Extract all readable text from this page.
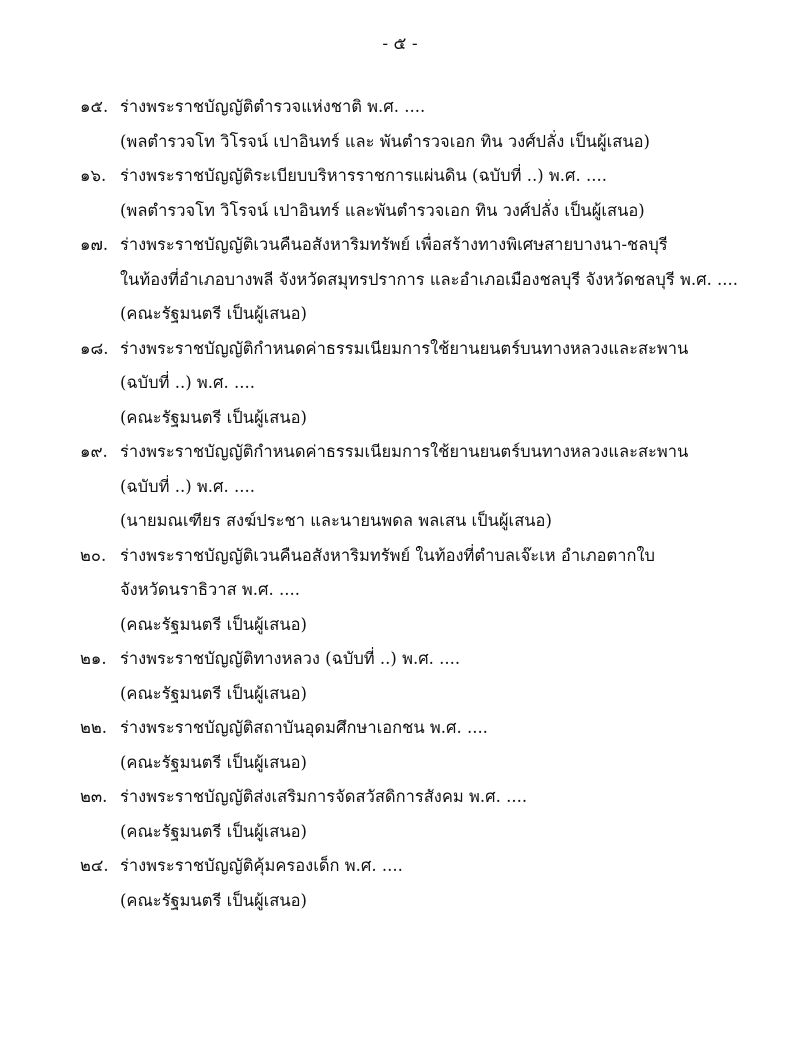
- ๕ -
๑๕. ร่างพระราชบัญญัติตำรวจแห่งชาติ พ.ศ. ....
(พลตำรวจโท วิโรจน์ เปาอินทร์ และ พันตำรวจเอก ทิน วงศ์ปลั่ง เป็นผู้เสนอ)
๑๖. ร่างพระราชบัญญัติระเบียบบริหารราชการแผ่นดิน (ฉบับที่ ..) พ.ศ. ....
(พลตำรวจโท วิโรจน์ เปาอินทร์ และพันตำรวจเอก ทิน วงศ์ปลั่ง เป็นผู้เสนอ)
๑๗. ร่างพระราชบัญญัติเวนคืนอสังหาริมทรัพย์ เพื่อสร้างทางพิเศษสายบางนา-ชลบุรี
ในท้องที่อำเภอบางพลี จังหวัดสมุทรปราการ และอำเภอเมืองชลบุรี จังหวัดชลบุรี พ.ศ. ....
(คณะรัฐมนตรี เป็นผู้เสนอ)
๑๘. ร่างพระราชบัญญัติกำหนดค่าธรรมเนียมการใช้ยานยนตร์บนทางหลวงและสะพาน
(ฉบับที่ ..) พ.ศ. ....
(คณะรัฐมนตรี เป็นผู้เสนอ)
๑๙. ร่างพระราชบัญญัติกำหนดค่าธรรมเนียมการใช้ยานยนตร์บนทางหลวงและสะพาน
(ฉบับที่ ..) พ.ศ. ....
(นายมณเฑียร สงฆ์ประชา และนายนพดล พลเสน เป็นผู้เสนอ)
๒๐. ร่างพระราชบัญญัติเวนคืนอสังหาริมทรัพย์ ในท้องที่ตำบลเจ๊ะเห อำเภอตากใบ
จังหวัดนราธิวาส พ.ศ. ....
(คณะรัฐมนตรี เป็นผู้เสนอ)
๒๑. ร่างพระราชบัญญัติทางหลวง (ฉบับที่ ..) พ.ศ. ....
(คณะรัฐมนตรี เป็นผู้เสนอ)
๒๒. ร่างพระราชบัญญัติสถาบันอุดมศึกษาเอกชน พ.ศ. ....
(คณะรัฐมนตรี เป็นผู้เสนอ)
๒๓. ร่างพระราชบัญญัติส่งเสริมการจัดสวัสดิการสังคม พ.ศ. ....
(คณะรัฐมนตรี เป็นผู้เสนอ)
๒๔. ร่างพระราชบัญญัติคุ้มครองเด็ก พ.ศ. ....
(คณะรัฐมนตรี เป็นผู้เสนอ)
